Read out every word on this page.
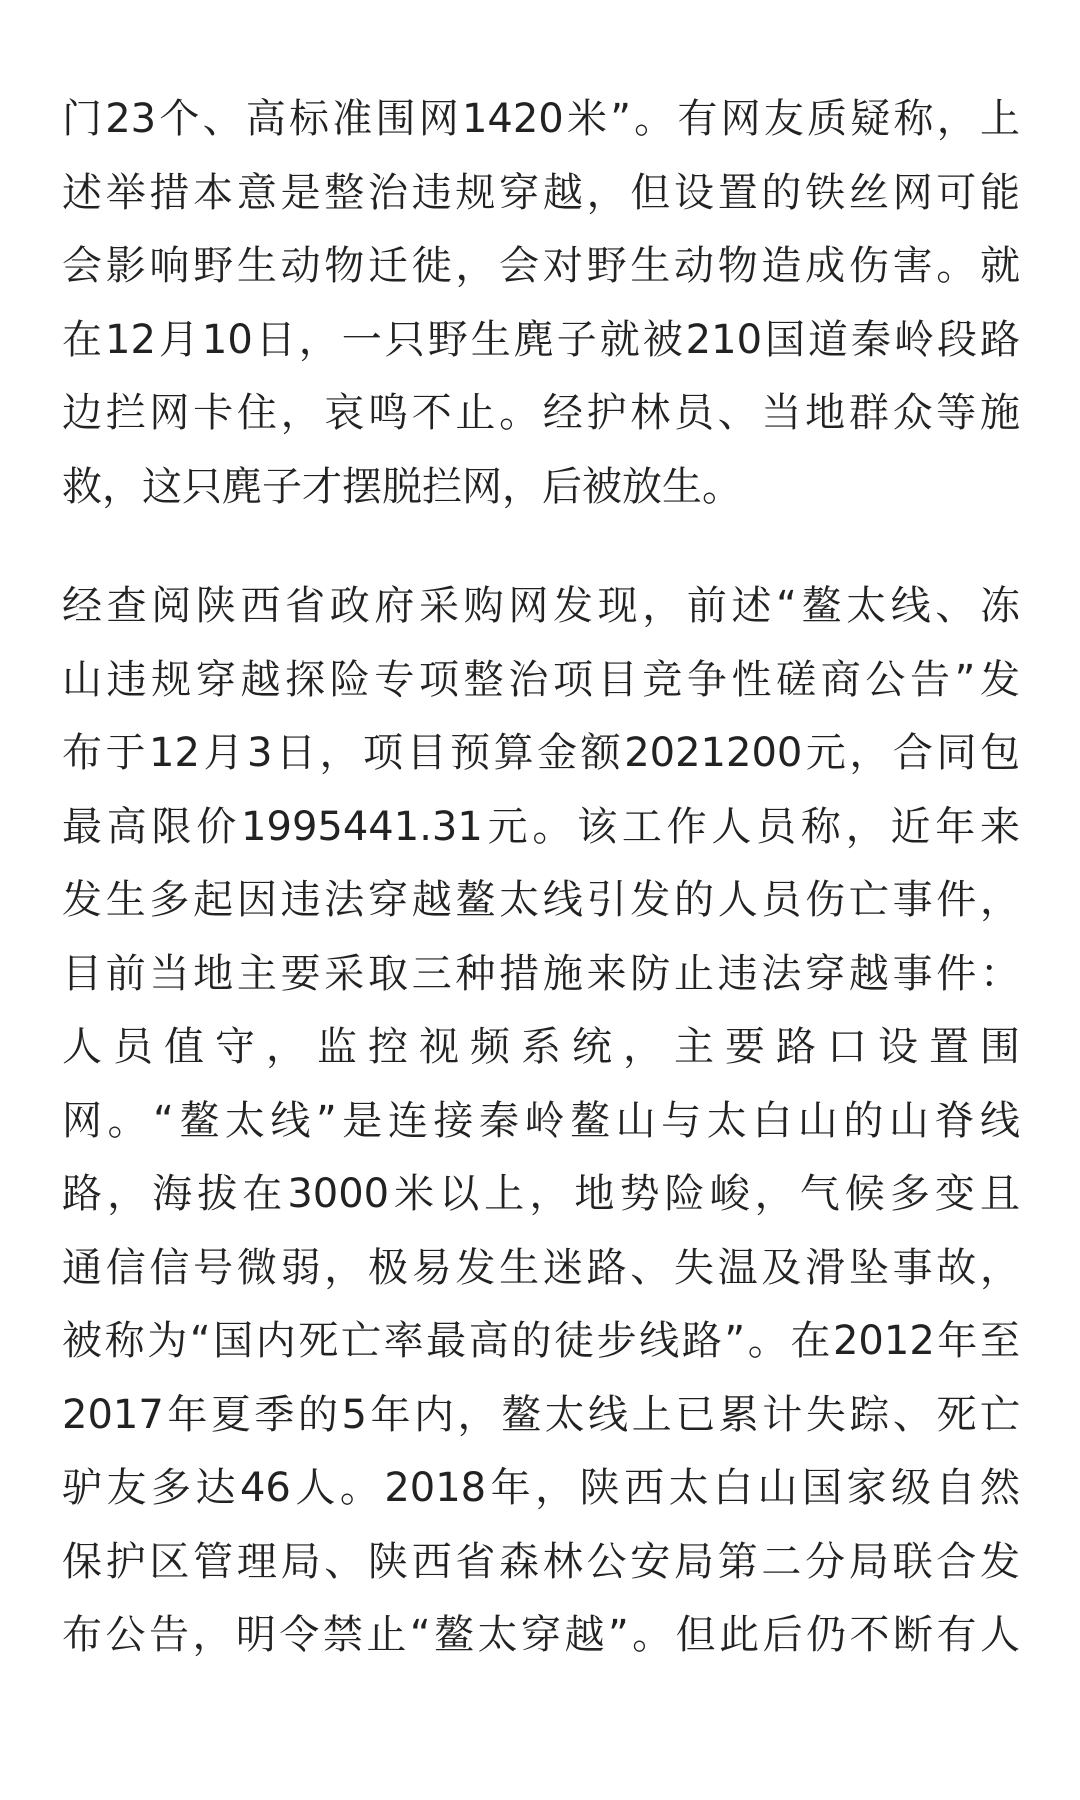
门23个、高标准围网1420米”。有网友质疑称，上
述举措本意是整治违规穿越，但设置的铁丝网可能
会影响野生动物迁徙，会对野生动物造成伤害。就
在12月10日，一只野生麂子就被210国道秦岭段路
边拦网卡住，哀鸣不止。经护林员、当地群众等施
救，这只麂子才摆脱拦网，后被放生。

经查阅陕西省政府采购网发现，前述“鳌太线、冻
山违规穿越探险专项整治项目竞争性磋商公告”发
布于12月3日，项目预算金额2021200元，合同包
最高限价1995441.31元。该工作人员称，近年来
发生多起因违法穿越鳌太线引发的人员伤亡事件，
目前当地主要采取三种措施来防止违法穿越事件：
人员值守，监控视频系统，主要路口设置围
网。“鳌太线”是连接秦岭鳌山与太白山的山脊线
路，海拔在3000米以上，地势险峻，气候多变且
通信信号微弱，极易发生迷路、失温及滑坠事故，
被称为“国内死亡率最高的徒步线路”。在2012年至
2017年夏季的5年内，鳌太线上已累计失踪、死亡
驴友多达46人。2018年，陕西太白山国家级自然
保护区管理局、陕西省森林公安局第二分局联合发
布公告，明令禁止“鳌太穿越”。但此后仍不断有人
